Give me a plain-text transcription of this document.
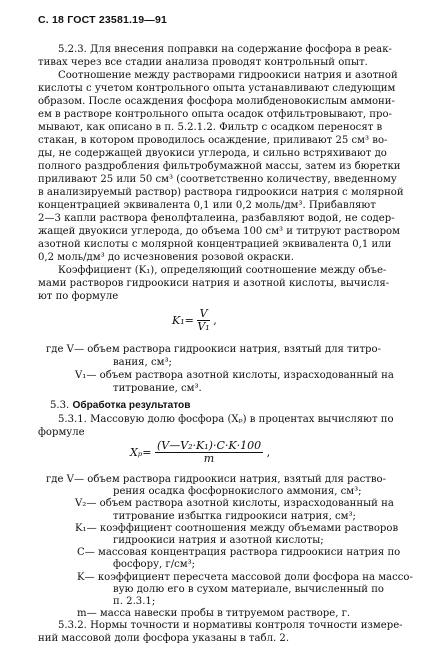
С. 18 ГОСТ 23581.19—91
5.2.3. Для внесения поправки на содержание фосфора в реак-
тивах через все стадии анализа проводят контрольный опыт.
Соотношение между растворами гидроокиси натрия и азотной
кислоты с учетом контрольного опыта устанавливают следующим
образом. После осаждения фосфора молибденовокислым аммони-
ем в растворе контрольного опыта осадок отфильтровывают, про-
мывают, как описано в п. 5.2.1.2. Фильтр с осадком переносят в
стакан, в котором проводилось осаждение, приливают 25 см³ во-
ды, не содержащей двуокиси углерода, и сильно встряхивают до
полного раздробления фильтробумажной массы, затем из бюретки
приливают 25 или 50 см³ (соответственно количеству, введенному
в анализируемый раствор) раствора гидроокиси натрия с молярной
концентрацией эквивалента 0,1 или 0,2 моль/дм³. Прибавляют
2—3 капли раствора фенолфталеина, разбавляют водой, не содер-
жащей двуокиси углерода, до объема 100 см³ и титруют раствором
азотной кислоты с молярной концентрацией эквивалента 0,1 или
0,2 моль/дм³ до исчезновения розовой окраски.
Коэффициент (K₁), определяющий соотношение между объе-
мами растворов гидроокиси натрия и азотной кислоты, вычисля-
ют по формуле
$K_1= \frac{V}{\text{V₁}}$ ,
где V— объем раствора гидроокиси натрия, взятый для титро-
вания, см³;
V₁— объем раствора азотной кислоты, израсходованный на
титрование, см³.
5.3. Обработка результатов
5.3.1. Массовую долю фосфора (Xₚ) в процентах вычисляют по
формуле
$X_p= \frac{\text{(V—V₂·K₁)·C·K·100}}{m}$ ,
где V— объем раствора гидроокиси натрия, взятый для раство-
рения осадка фосфорнокислого аммония, см³;
V₂— объем раствора азотной кислоты, израсходованный на
титрование избытка гидроокиси натрия, см³;
K₁— коэффициент соотношения между объемами растворов
гидроокиси натрия и азотной кислоты;
C— массовая концентрация раствора гидроокиси натрия по
фосфору, г/см³;
K— коэффициент пересчета массовой доли фосфора на массо-
вую долю его в сухом материале, вычисленный по
п. 2.3.1;
m— масса навески пробы в титруемом растворе, г.
5.3.2. Нормы точности и нормативы контроля точности измере-
ний массовой доли фосфора указаны в табл. 2.
